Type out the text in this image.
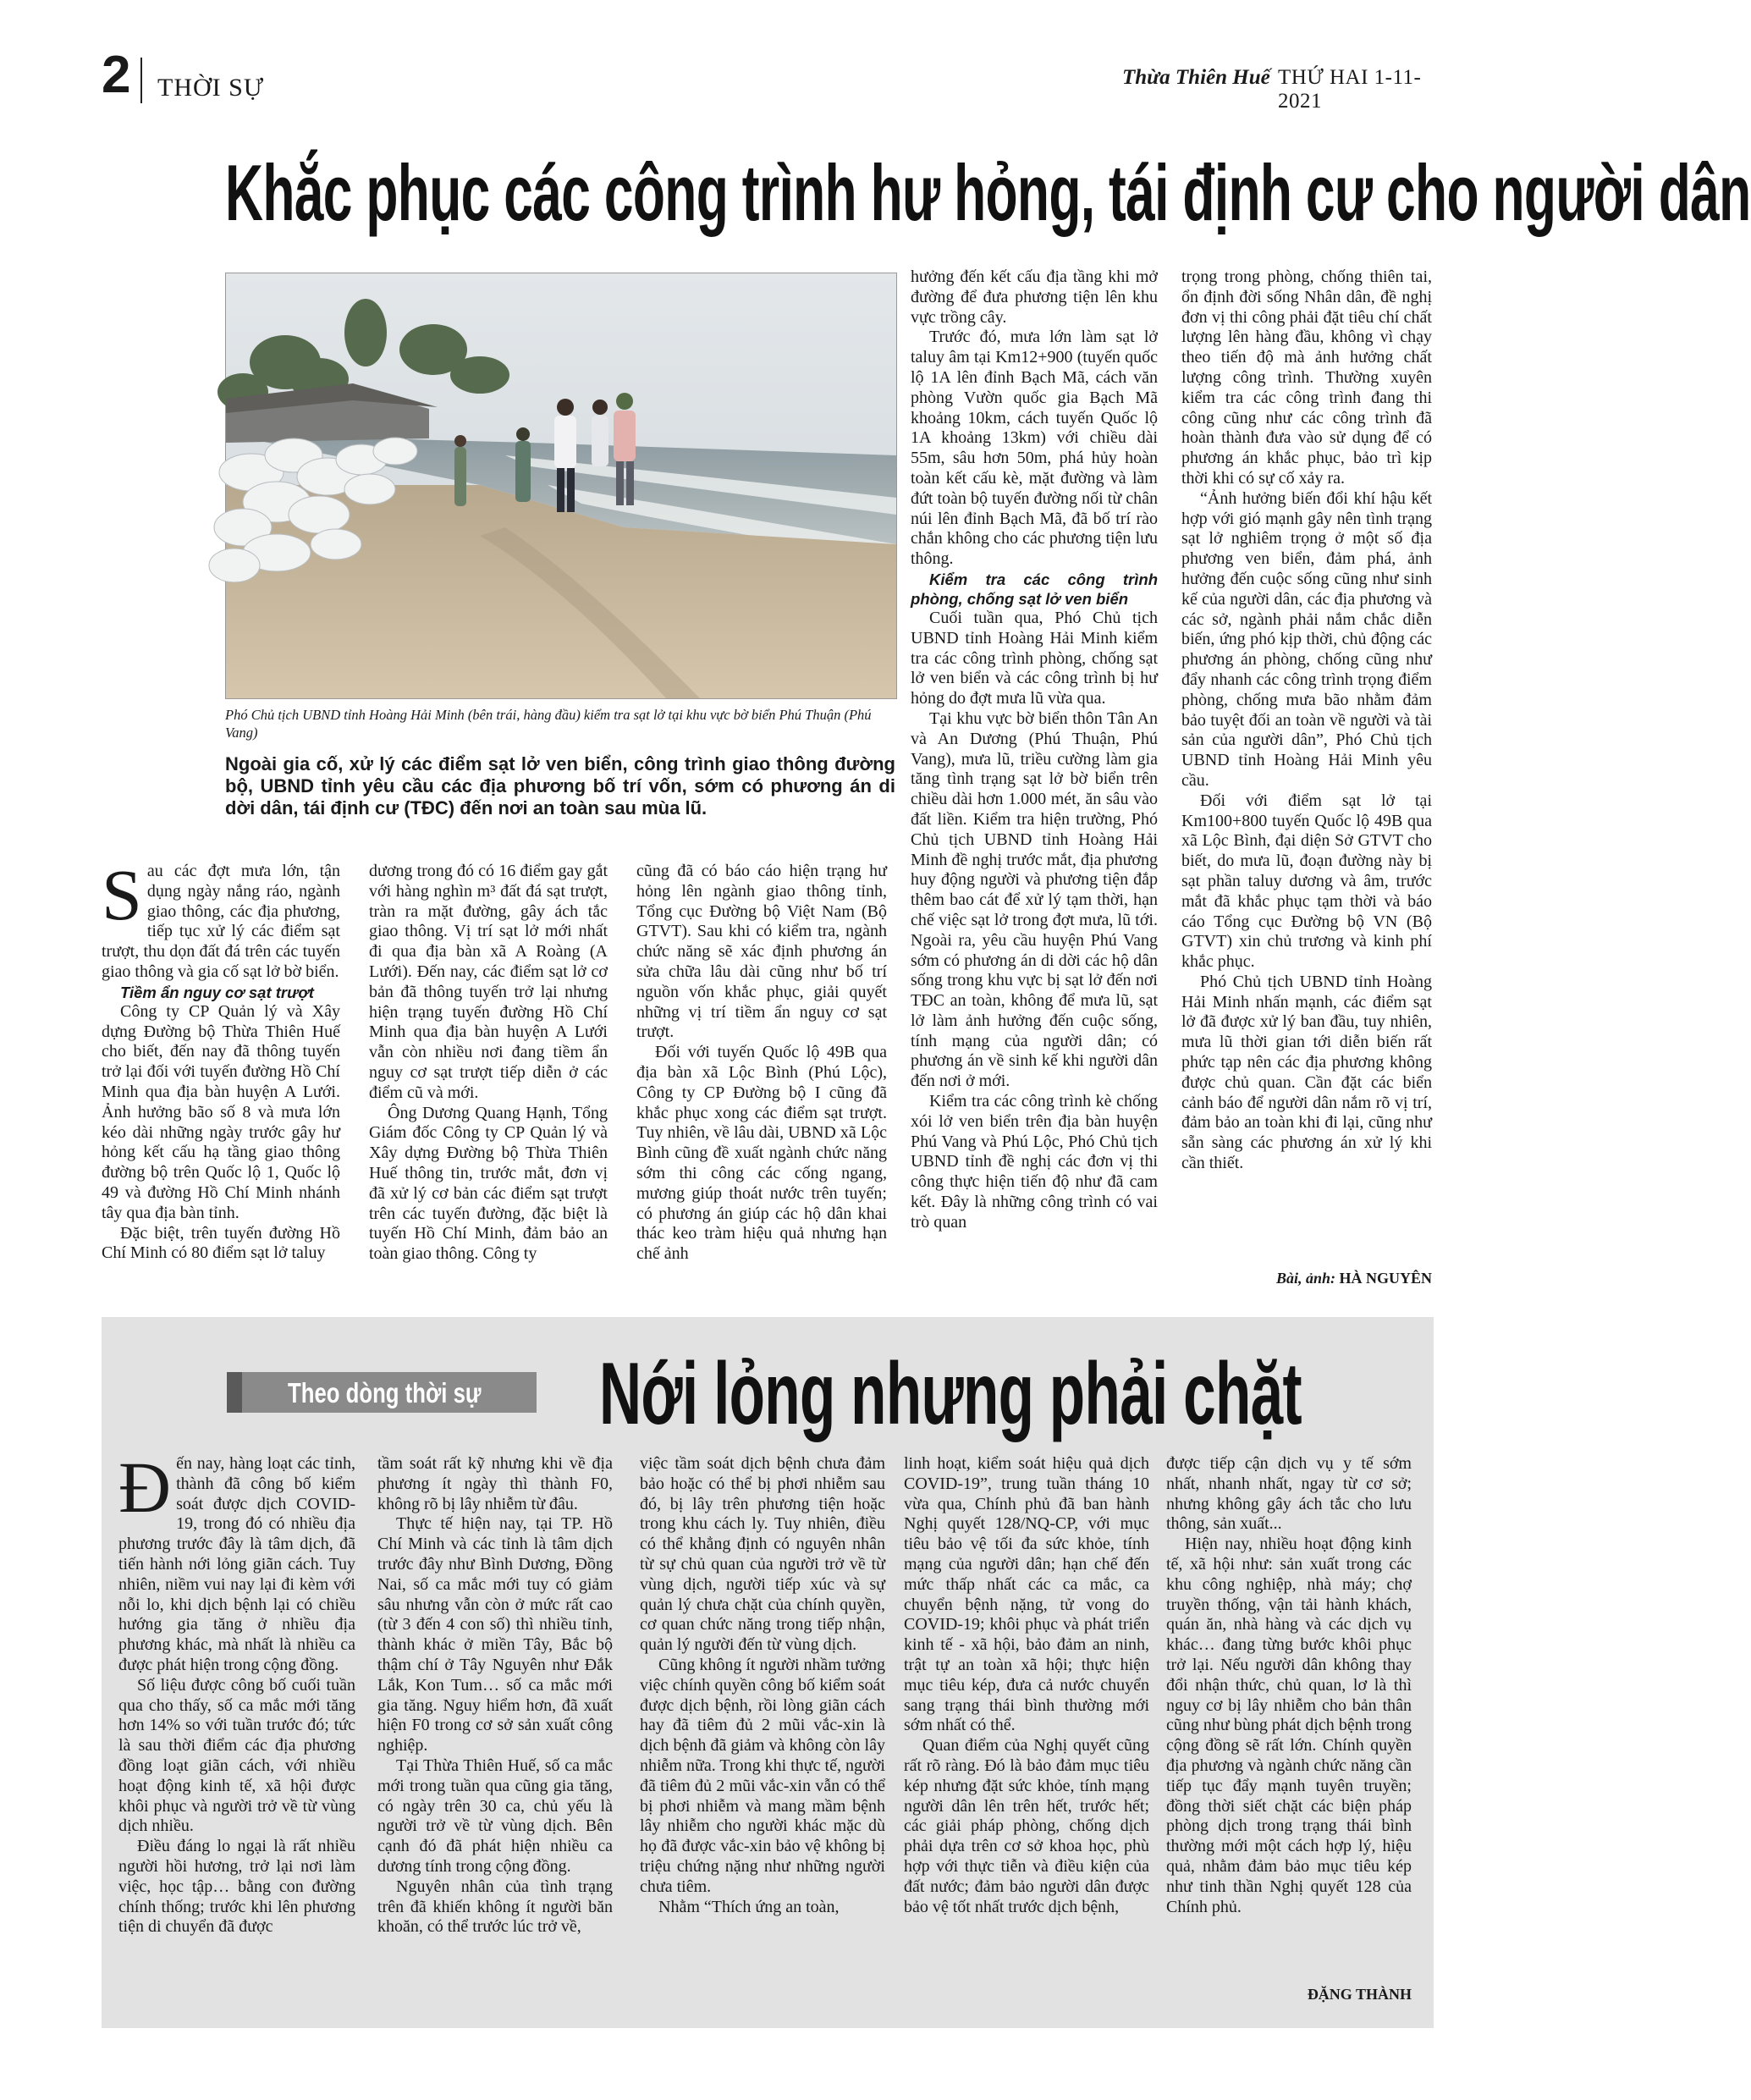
2 THỜI SỰ	Thừa Thiên Huế THỨ HAI 1-11-2021
Khắc phục các công trình hư hỏng, tái định cư cho người dân
Phó Chủ tịch UBND tỉnh Hoàng Hải Minh (bên trái, hàng đầu) kiểm tra sạt lở tại khu vực bờ biển Phú Thuận (Phú Vang)
Ngoài gia cố, xử lý các điểm sạt lở ven biển, công trình giao thông đường bộ, UBND tỉnh yêu cầu các địa phương bố trí vốn, sớm có phương án di dời dân, tái định cư (TĐC) đến nơi an toàn sau mùa lũ.

Sau các đợt mưa lớn, tận dụng ngày nắng ráo, ngành giao thông, các địa phương, tiếp tục xử lý các điểm sạt trượt, thu dọn đất đá trên các tuyến giao thông và gia cố sạt lở bờ biển.

Tiềm ẩn nguy cơ sạt trượt

Công ty CP Quản lý và Xây dựng Đường bộ Thừa Thiên Huế cho biết, đến nay đã thông tuyến trở lại đối với tuyến đường Hồ Chí Minh qua địa bàn huyện A Lưới. Ảnh hưởng bão số 8 và mưa lớn kéo dài những ngày trước gây hư hỏng kết cấu hạ tầng giao thông đường bộ trên Quốc lộ 1, Quốc lộ 49 và đường Hồ Chí Minh nhánh tây qua địa bàn tỉnh.

Đặc biệt, trên tuyến đường Hồ Chí Minh có 80 điểm sạt lở taluy

dương trong đó có 16 điểm gay gắt với hàng nghìn m³ đất đá sạt trượt, tràn ra mặt đường, gây ách tắc giao thông. Vị trí sạt lở mới nhất đi qua địa bàn xã A Roàng (A Lưới). Đến nay, các điểm sạt lở cơ bản đã thông tuyến trở lại nhưng hiện trạng tuyến đường Hồ Chí Minh qua địa bàn huyện A Lưới vẫn còn nhiều nơi đang tiềm ẩn nguy cơ sạt trượt tiếp diễn ở các điểm cũ và mới.

Ông Dương Quang Hạnh, Tổng Giám đốc Công ty CP Quản lý và Xây dựng Đường bộ Thừa Thiên Huế thông tin, trước mắt, đơn vị đã xử lý cơ bản các điểm sạt trượt trên các tuyến đường, đặc biệt là tuyến Hồ Chí Minh, đảm bảo an toàn giao thông. Công ty

cũng đã có báo cáo hiện trạng hư hỏng lên ngành giao thông tỉnh, Tổng cục Đường bộ Việt Nam (Bộ GTVT). Sau khi có kiểm tra, ngành chức năng sẽ xác định phương án sửa chữa lâu dài cũng như bố trí nguồn vốn khắc phục, giải quyết những vị trí tiềm ẩn nguy cơ sạt trượt.

Đối với tuyến Quốc lộ 49B qua địa bàn xã Lộc Bình (Phú Lộc), Công ty CP Đường bộ I cũng đã khắc phục xong các điểm sạt trượt. Tuy nhiên, về lâu dài, UBND xã Lộc Bình cũng đề xuất ngành chức năng sớm thi công các cống ngang, mương giúp thoát nước trên tuyến; có phương án giúp các hộ dân khai thác keo tràm hiệu quả nhưng hạn chế ảnh

hưởng đến kết cấu địa tầng khi mở đường để đưa phương tiện lên khu vực trồng cây.

Trước đó, mưa lớn làm sạt lở taluy âm tại Km12+900 (tuyến quốc lộ 1A lên đỉnh Bạch Mã, cách văn phòng Vườn quốc gia Bạch Mã khoảng 10km, cách tuyến Quốc lộ 1A khoảng 13km) với chiều dài 55m, sâu hơn 50m, phá hủy hoàn toàn kết cấu kè, mặt đường và làm đứt toàn bộ tuyến đường nối từ chân núi lên đỉnh Bạch Mã, đã bố trí rào chắn không cho các phương tiện lưu thông.

Kiểm tra các công trình phòng, chống sạt lở ven biển

Cuối tuần qua, Phó Chủ tịch UBND tỉnh Hoàng Hải Minh kiểm tra các công trình phòng, chống sạt lở ven biển và các công trình bị hư hỏng do đợt mưa lũ vừa qua.

Tại khu vực bờ biển thôn Tân An và An Dương (Phú Thuận, Phú Vang), mưa lũ, triều cường làm gia tăng tình trạng sạt lở bờ biển trên chiều dài hơn 1.000 mét, ăn sâu vào đất liền. Kiểm tra hiện trường, Phó Chủ tịch UBND tỉnh Hoàng Hải Minh đề nghị trước mắt, địa phương huy động người và phương tiện đắp thêm bao cát để xử lý tạm thời, hạn chế việc sạt lở trong đợt mưa, lũ tới. Ngoài ra, yêu cầu huyện Phú Vang sớm có phương án di dời các hộ dân sống trong khu vực bị sạt lở đến nơi TĐC an toàn, không để mưa lũ, sạt lở làm ảnh hưởng đến cuộc sống, tính mạng của người dân; có phương án về sinh kế khi người dân đến nơi ở mới.

Kiểm tra các công trình kè chống xói lở ven biển trên địa bàn huyện Phú Vang và Phú Lộc, Phó Chủ tịch UBND tỉnh đề nghị các đơn vị thi công thực hiện tiến độ như đã cam kết. Đây là những công trình có vai trò quan

trọng trong phòng, chống thiên tai, ổn định đời sống Nhân dân, đề nghị đơn vị thi công phải đặt tiêu chí chất lượng lên hàng đầu, không vì chạy theo tiến độ mà ảnh hưởng chất lượng công trình. Thường xuyên kiểm tra các công trình đang thi công cũng như các công trình đã hoàn thành đưa vào sử dụng để có phương án khắc phục, bảo trì kịp thời khi có sự cố xảy ra.

“Ảnh hưởng biến đổi khí hậu kết hợp với gió mạnh gây nên tình trạng sạt lở nghiêm trọng ở một số địa phương ven biển, đảm phá, ảnh hưởng đến cuộc sống cũng như sinh kế của người dân, các địa phương và các sở, ngành phải nắm chắc diễn biến, ứng phó kịp thời, chủ động các phương án phòng, chống cũng như đẩy nhanh các công trình trọng điểm phòng, chống mưa bão nhằm đảm bảo tuyệt đối an toàn về người và tài sản của người dân”, Phó Chủ tịch UBND tỉnh Hoàng Hải Minh yêu cầu.

Đối với điểm sạt lở tại Km100+800 tuyến Quốc lộ 49B qua xã Lộc Bình, đại diện Sở GTVT cho biết, do mưa lũ, đoạn đường này bị sạt phần taluy dương và âm, trước mắt đã khắc phục tạm thời và báo cáo Tổng cục Đường bộ VN (Bộ GTVT) xin chủ trương và kinh phí khắc phục.

Phó Chủ tịch UBND tỉnh Hoàng Hải Minh nhấn mạnh, các điểm sạt lở đã được xử lý ban đầu, tuy nhiên, mưa lũ thời gian tới diễn biến rất phức tạp nên các địa phương không được chủ quan. Cần đặt các biển cảnh báo để người dân nắm rõ vị trí, đảm bảo an toàn khi đi lại, cũng như sẵn sàng các phương án xử lý khi cần thiết.

Bài, ảnh: HÀ NGUYÊN
Theo dòng thời sự Nới lỏng nhưng phải chặt

Đến nay, hàng loạt các tỉnh, thành đã công bố kiểm soát được dịch COVID-19, trong đó có nhiều địa phương trước đây là tâm dịch, đã tiến hành nới lỏng giãn cách. Tuy nhiên, niềm vui nay lại đi kèm với nỗi lo, khi dịch bệnh lại có chiều hướng gia tăng ở nhiều địa phương khác, mà nhất là nhiều ca được phát hiện trong cộng đồng.

Số liệu được công bố cuối tuần qua cho thấy, số ca mắc mới tăng hơn 14% so với tuần trước đó; tức là sau thời điểm các địa phương đồng loạt giãn cách, với nhiều hoạt động kinh tế, xã hội được khôi phục và người trở về từ vùng dịch nhiều.

Điều đáng lo ngại là rất nhiều người hồi hương, trở lại nơi làm việc, học tập… bằng con đường chính thống; trước khi lên phương tiện di chuyển đã được

tầm soát rất kỹ nhưng khi về địa phương ít ngày thì thành F0, không rõ bị lây nhiễm từ đâu.

Thực tế hiện nay, tại TP. Hồ Chí Minh và các tỉnh là tâm dịch trước đây như Bình Dương, Đồng Nai, số ca mắc mới tuy có giảm sâu nhưng vẫn còn ở mức rất cao (từ 3 đến 4 con số) thì nhiều tỉnh, thành khác ở miền Tây, Bắc bộ thậm chí ở Tây Nguyên như Đắk Lắk, Kon Tum… số ca mắc mới gia tăng. Nguy hiểm hơn, đã xuất hiện F0 trong cơ sở sản xuất công nghiệp.

Tại Thừa Thiên Huế, số ca mắc mới trong tuần qua cũng gia tăng, có ngày trên 30 ca, chủ yếu là người trở về từ vùng dịch. Bên cạnh đó đã phát hiện nhiều ca dương tính trong cộng đồng.

Nguyên nhân của tình trạng trên đã khiến không ít người băn khoăn, có thể trước lúc trở về,

việc tầm soát dịch bệnh chưa đảm bảo hoặc có thể bị phơi nhiễm sau đó, bị lây trên phương tiện hoặc trong khu cách ly. Tuy nhiên, điều có thể khẳng định có nguyên nhân từ sự chủ quan của người trở về từ vùng dịch, người tiếp xúc và sự quản lý chưa chặt của chính quyền, cơ quan chức năng trong tiếp nhận, quản lý người đến từ vùng dịch.

Cũng không ít người nhầm tưởng việc chính quyền công bố kiểm soát được dịch bệnh, rồi lòng giãn cách hay đã tiêm đủ 2 mũi vắc-xin là dịch bệnh đã giảm và không còn lây nhiễm nữa. Trong khi thực tế, người đã tiêm đủ 2 mũi vắc-xin vẫn có thể bị phơi nhiễm và mang mầm bệnh lây nhiễm cho người khác mặc dù họ đã được vắc-xin bảo vệ không bị triệu chứng nặng như những người chưa tiêm.

Nhằm “Thích ứng an toàn,

linh hoạt, kiểm soát hiệu quả dịch COVID-19”, trung tuần tháng 10 vừa qua, Chính phủ đã ban hành Nghị quyết 128/NQ-CP, với mục tiêu bảo vệ tối đa sức khỏe, tính mạng của người dân; hạn chế đến mức thấp nhất các ca mắc, ca chuyển bệnh nặng, tử vong do COVID-19; khôi phục và phát triển kinh tế - xã hội, bảo đảm an ninh, trật tự an toàn xã hội; thực hiện mục tiêu kép, đưa cả nước chuyển sang trạng thái bình thường mới sớm nhất có thể.

Quan điểm của Nghị quyết cũng rất rõ ràng. Đó là bảo đảm mục tiêu kép nhưng đặt sức khỏe, tính mạng người dân lên trên hết, trước hết; các giải pháp phòng, chống dịch phải dựa trên cơ sở khoa học, phù hợp với thực tiễn và điều kiện của đất nước; đảm bảo người dân được bảo vệ tốt nhất trước dịch bệnh,

được tiếp cận dịch vụ y tế sớm nhất, nhanh nhất, ngay từ cơ sở; nhưng không gây ách tắc cho lưu thông, sản xuất...

Hiện nay, nhiều hoạt động kinh tế, xã hội như: sản xuất trong các khu công nghiệp, nhà máy; chợ truyền thống, vận tải hành khách, quán ăn, nhà hàng và các dịch vụ khác… đang từng bước khôi phục trở lại. Nếu người dân không thay đổi nhận thức, chủ quan, lơ là thì nguy cơ bị lây nhiễm cho bản thân cũng như bùng phát dịch bệnh trong cộng đồng sẽ rất lớn. Chính quyền địa phương và ngành chức năng cần tiếp tục đẩy mạnh tuyên truyền; đồng thời siết chặt các biện pháp phòng dịch trong trạng thái bình thường mới một cách hợp lý, hiệu quả, nhằm đảm bảo mục tiêu kép như tinh thần Nghị quyết 128 của Chính phủ.

ĐẶNG THÀNH
